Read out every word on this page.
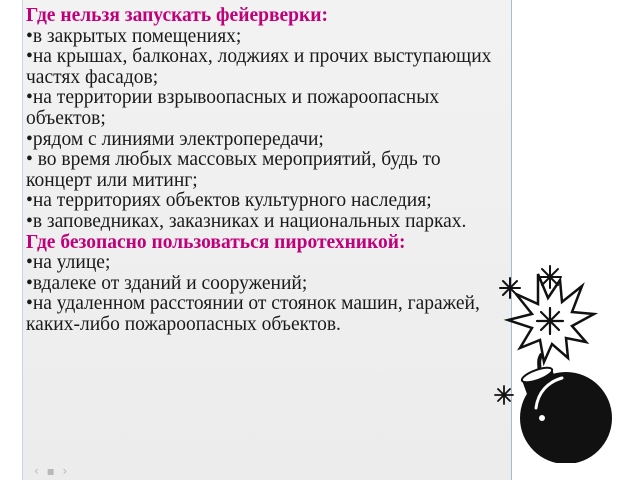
Где нельзя запускать фейерверки:

•в закрытых помещениях;

•на крышах, балконах, лоджиях и прочих выступающих частях фасадов;

•на территории взрывоопасных и пожароопасных объектов;

•рядом с линиями электропередачи;

• во время любых массовых мероприятий, будь то концерт или митинг;

•на территориях объектов культурного наследия;

•в заповедниках, заказниках и национальных парках.

Где безопасно пользоваться пиротехникой:

•на улице;

•вдалеке от зданий и сооружений;

•на удаленном расстоянии от стоянок машин, гаражей, каких-либо пожароопасных объектов.

‹ ▪ ›
